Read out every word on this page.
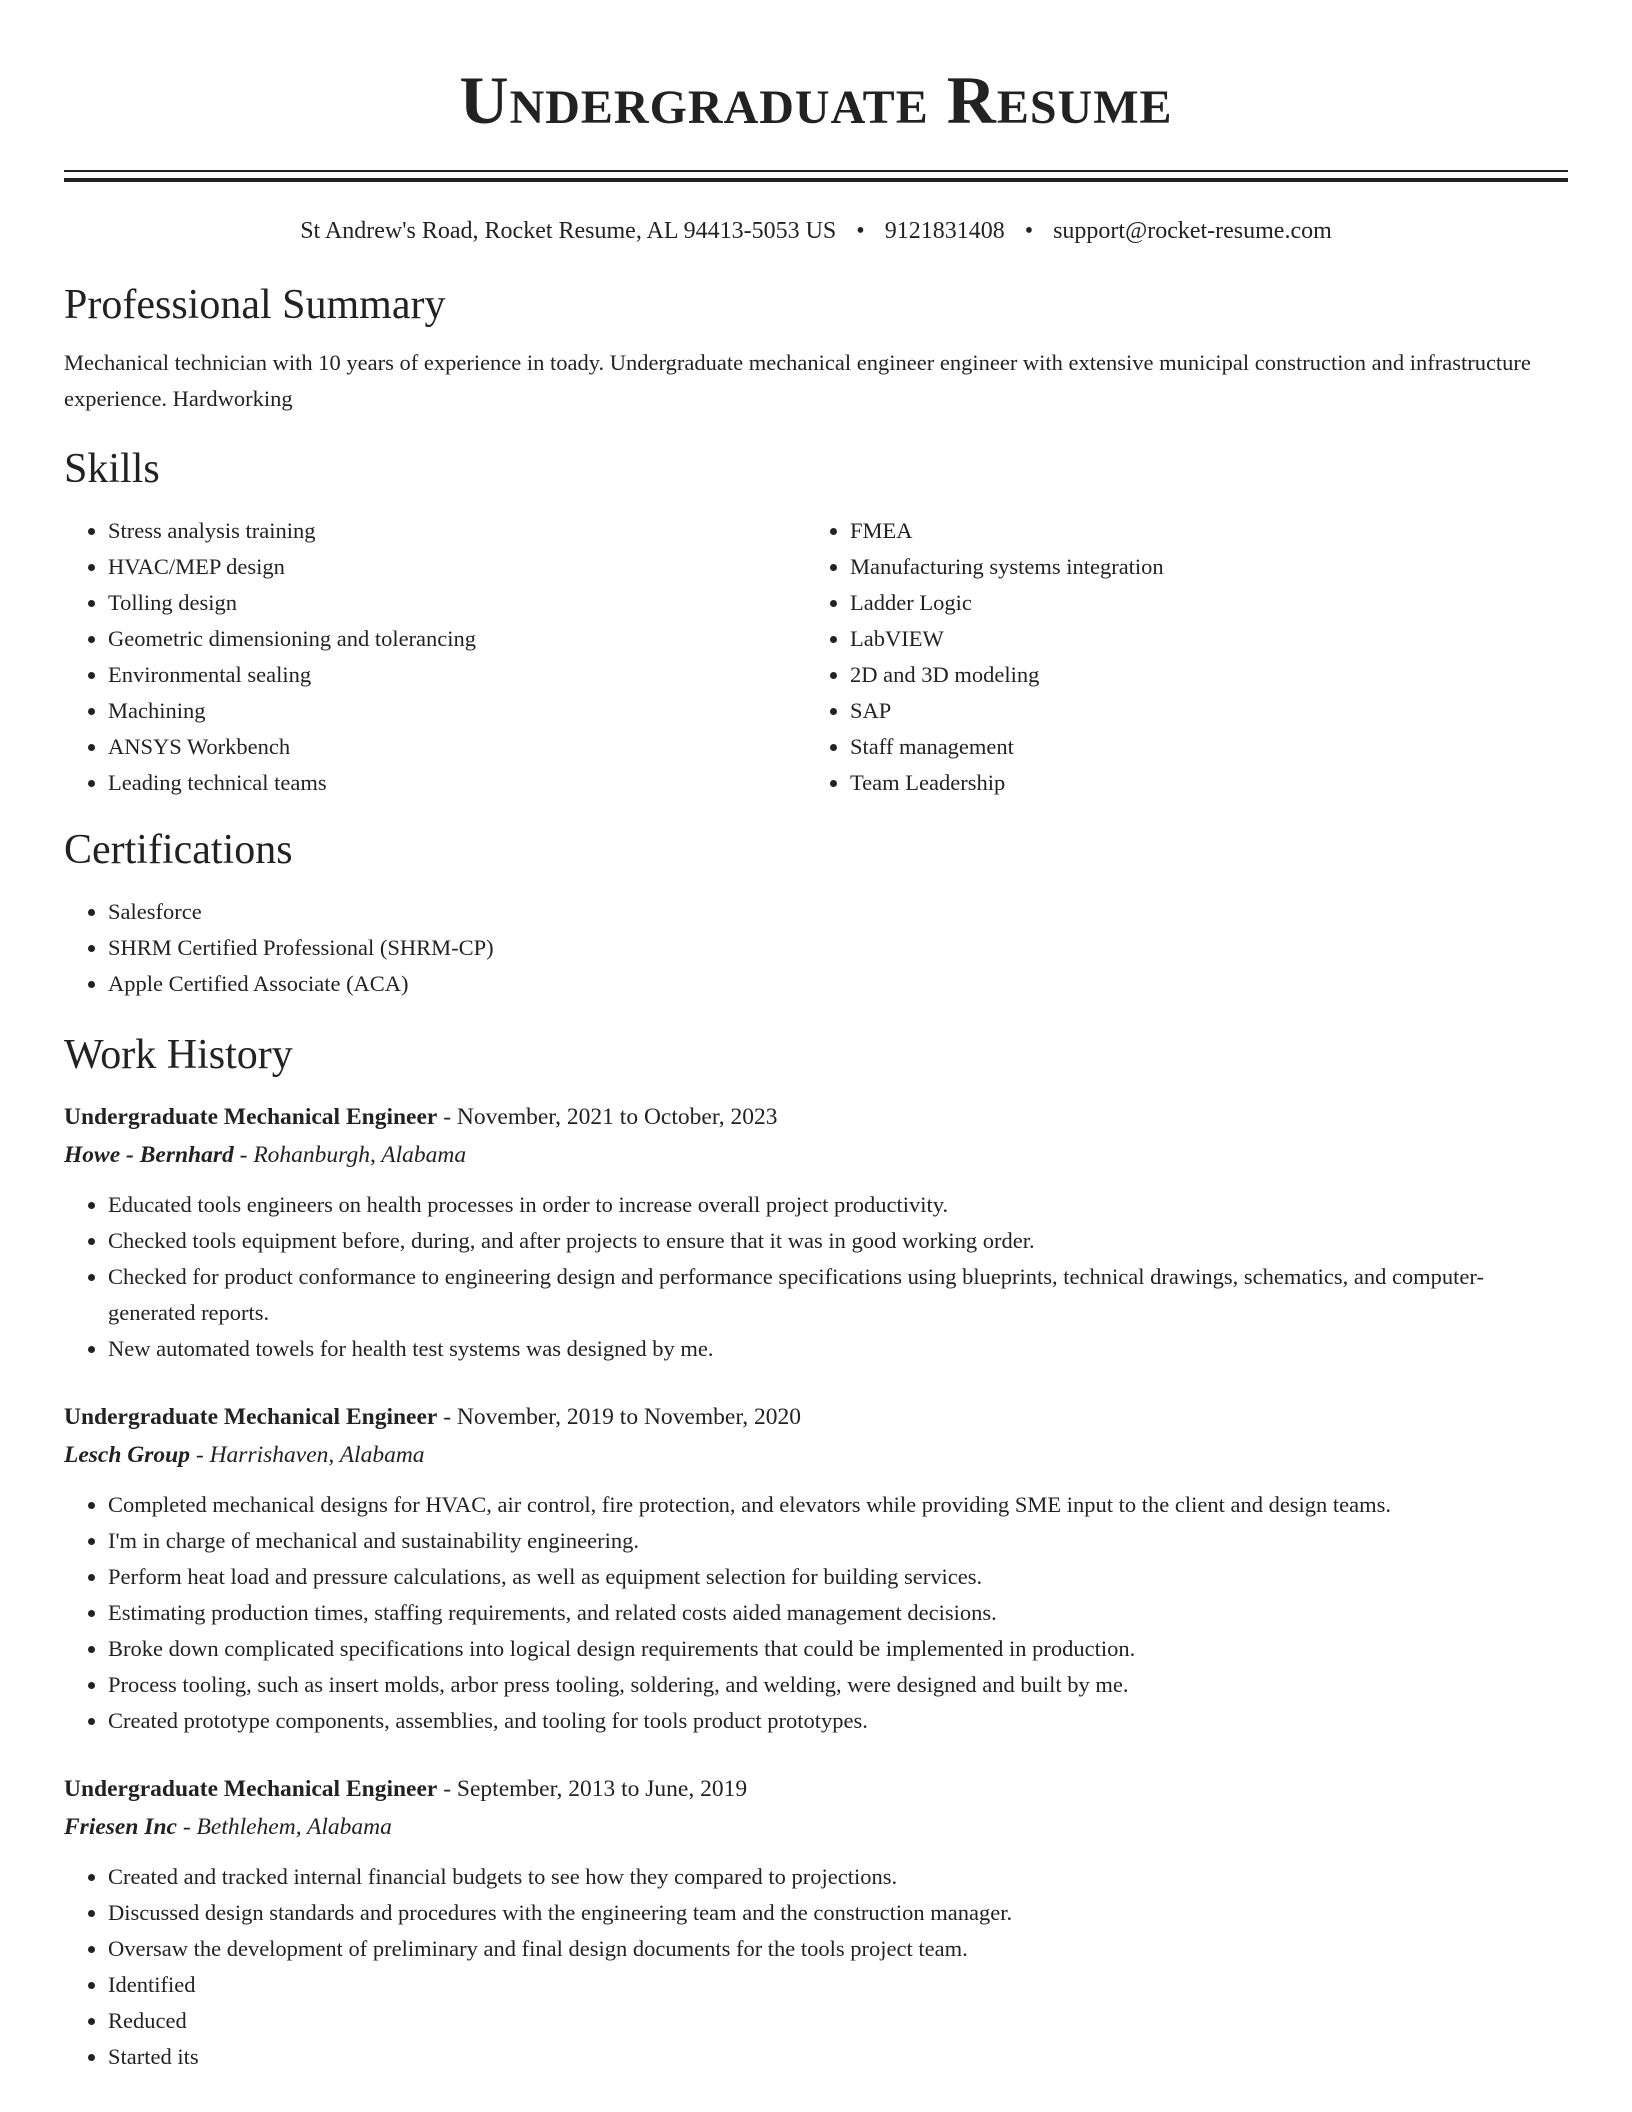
Undergraduate Resume
St Andrew's Road, Rocket Resume, AL 94413-5053 US • 9121831408 • support@rocket-resume.com
Professional Summary

Mechanical technician with 10 years of experience in toady. Undergraduate mechanical engineer engineer with extensive municipal construction and infrastructure experience. Hardworking

Skills
• Stress analysis training
• HVAC/MEP design
• Tolling design
• Geometric dimensioning and tolerancing
• Environmental sealing
• Machining
• ANSYS Workbench
• Leading technical teams
• FMEA
• Manufacturing systems integration
• Ladder Logic
• LabVIEW
• 2D and 3D modeling
• SAP
• Staff management
• Team Leadership
Certifications
• Salesforce
• SHRM Certified Professional (SHRM-CP)
• Apple Certified Associate (ACA)
Work History
Undergraduate Mechanical Engineer - November, 2021 to October, 2023
Howe - Bernhard - Rohanburgh, Alabama
• Educated tools engineers on health processes in order to increase overall project productivity.
• Checked tools equipment before, during, and after projects to ensure that it was in good working order.
• Checked for product conformance to engineering design and performance specifications using blueprints, technical drawings, schematics, and computer-generated reports.
• New automated towels for health test systems was designed by me.
Undergraduate Mechanical Engineer - November, 2019 to November, 2020
Lesch Group - Harrishaven, Alabama
• Completed mechanical designs for HVAC, air control, fire protection, and elevators while providing SME input to the client and design teams.
• I'm in charge of mechanical and sustainability engineering.
• Perform heat load and pressure calculations, as well as equipment selection for building services.
• Estimating production times, staffing requirements, and related costs aided management decisions.
• Broke down complicated specifications into logical design requirements that could be implemented in production.
• Process tooling, such as insert molds, arbor press tooling, soldering, and welding, were designed and built by me.
• Created prototype components, assemblies, and tooling for tools product prototypes.
Undergraduate Mechanical Engineer - September, 2013 to June, 2019
Friesen Inc - Bethlehem, Alabama
• Created and tracked internal financial budgets to see how they compared to projections.
• Discussed design standards and procedures with the engineering team and the construction manager.
• Oversaw the development of preliminary and final design documents for the tools project team.
• Identified
• Reduced
• Started its
